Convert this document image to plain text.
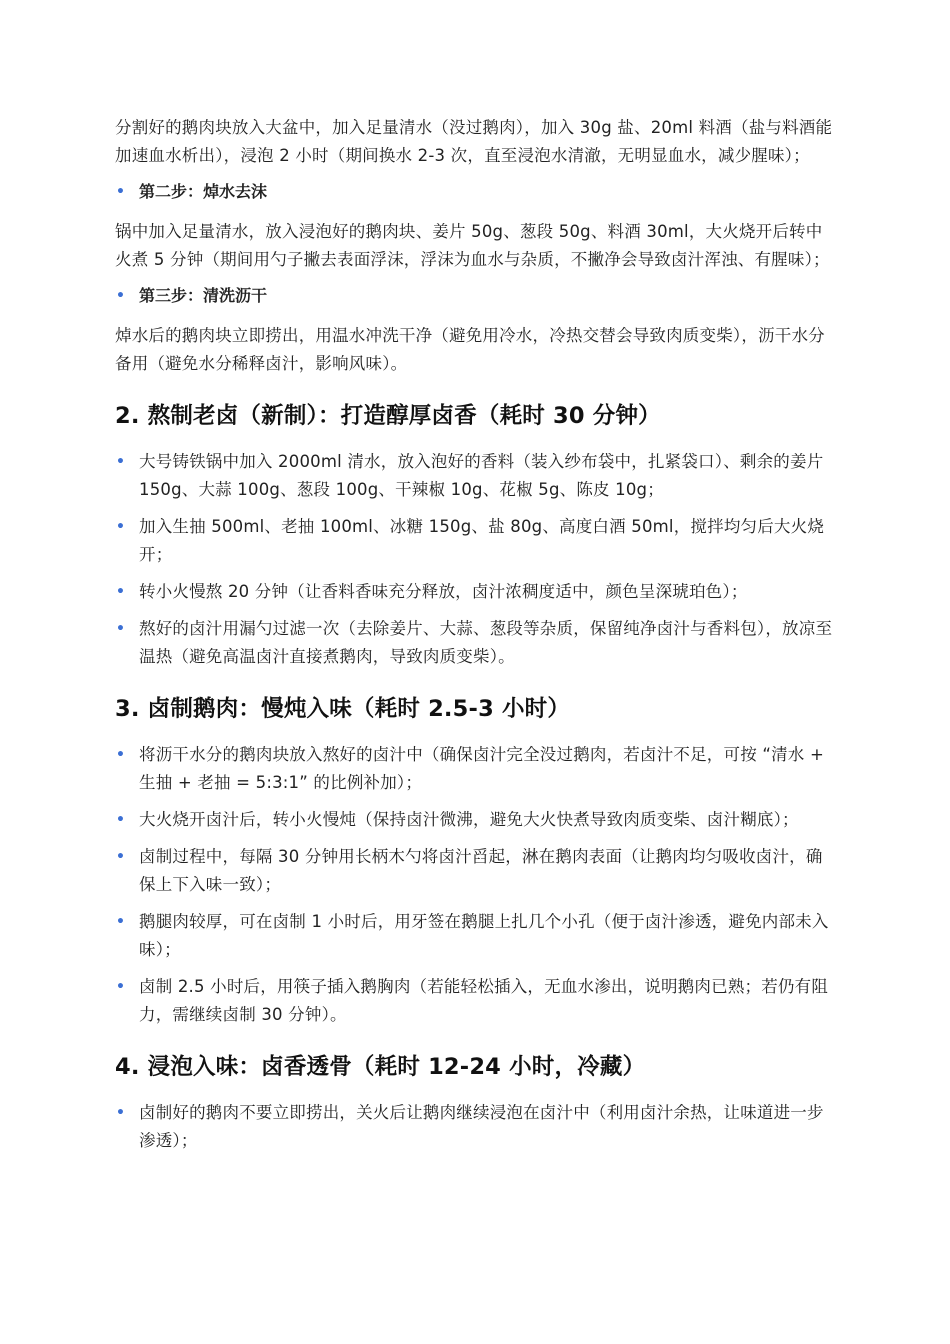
分割好的鹅肉块放入大盆中，加入足量清水（没过鹅肉），加入 30g 盐、20ml 料酒（盐与料酒能加速血水析出），浸泡 2 小时（期间换水 2-3 次，直至浸泡水清澈，无明显血水，减少腥味）；

• 第二步：焯水去沫

锅中加入足量清水，放入浸泡好的鹅肉块、姜片 50g、葱段 50g、料酒 30ml，大火烧开后转中火煮 5 分钟（期间用勺子撇去表面浮沫，浮沫为血水与杂质，不撇净会导致卤汁浑浊、有腥味）；

• 第三步：清洗沥干

焯水后的鹅肉块立即捞出，用温水冲洗干净（避免用冷水，冷热交替会导致肉质变柴），沥干水分备用（避免水分稀释卤汁，影响风味）。

2. 熬制老卤（新制）：打造醇厚卤香（耗时 30 分钟）
• 大号铸铁锅中加入 2000ml 清水，放入泡好的香料（装入纱布袋中，扎紧袋口）、剩余的姜片 150g、大蒜 100g、葱段 100g、干辣椒 10g、花椒 5g、陈皮 10g；
• 加入生抽 500ml、老抽 100ml、冰糖 150g、盐 80g、高度白酒 50ml，搅拌均匀后大火烧开；
• 转小火慢熬 20 分钟（让香料香味充分释放，卤汁浓稠度适中，颜色呈深琥珀色）；
• 熬好的卤汁用漏勺过滤一次（去除姜片、大蒜、葱段等杂质，保留纯净卤汁与香料包），放凉至温热（避免高温卤汁直接煮鹅肉，导致肉质变柴）。
3. 卤制鹅肉：慢炖入味（耗时 2.5-3 小时）
• 将沥干水分的鹅肉块放入熬好的卤汁中（确保卤汁完全没过鹅肉，若卤汁不足，可按 “清水 + 生抽 + 老抽 = 5:3:1” 的比例补加）；
• 大火烧开卤汁后，转小火慢炖（保持卤汁微沸，避免大火快煮导致肉质变柴、卤汁糊底）；
• 卤制过程中，每隔 30 分钟用长柄木勺将卤汁舀起，淋在鹅肉表面（让鹅肉均匀吸收卤汁，确保上下入味一致）；
• 鹅腿肉较厚，可在卤制 1 小时后，用牙签在鹅腿上扎几个小孔（便于卤汁渗透，避免内部未入味）；
• 卤制 2.5 小时后，用筷子插入鹅胸肉（若能轻松插入，无血水渗出，说明鹅肉已熟；若仍有阻力，需继续卤制 30 分钟）。
4. 浸泡入味：卤香透骨（耗时 12-24 小时，冷藏）
• 卤制好的鹅肉不要立即捞出，关火后让鹅肉继续浸泡在卤汁中（利用卤汁余热，让味道进一步渗透）；
